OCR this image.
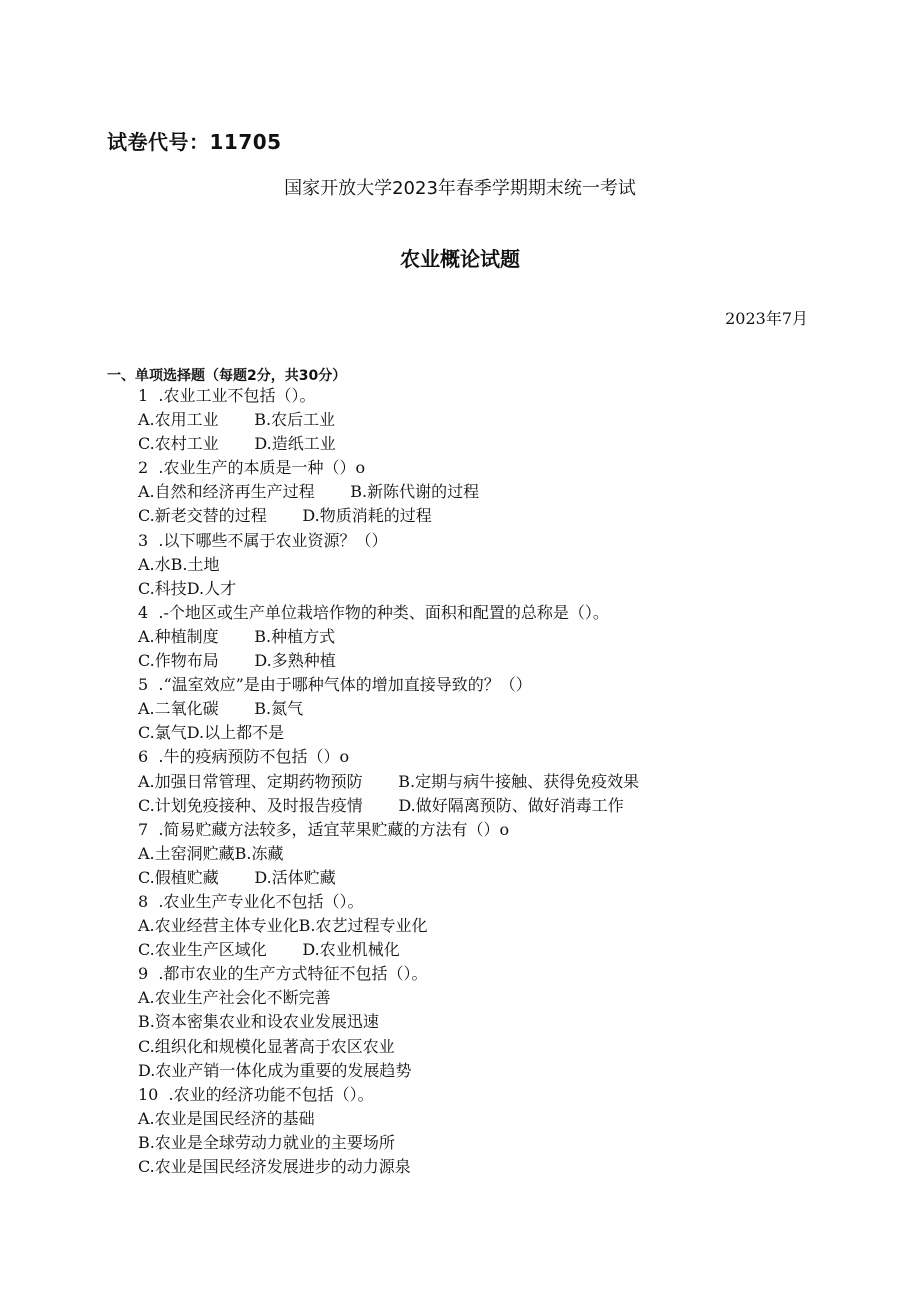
试卷代号：11705
国家开放大学2023年春季学期期末统一考试
农业概论试题
2023年7月
一、单项选择题（每题2分，共30分）
1  .农业工业不包括（）。
A.农用工业       B.农后工业
C.农村工业       D.造纸工业
2  .农业生产的本质是一种（）o
A.自然和经济再生产过程       B.新陈代谢的过程
C.新老交替的过程       D.物质消耗的过程
3  .以下哪些不属于农业资源？（）
A.水B.土地
C.科技D.人才
4  .-个地区或生产单位栽培作物的种类、面积和配置的总称是（）。
A.种植制度       B.种植方式
C.作物布局       D.多熟种植
5  .“温室效应”是由于哪种气体的增加直接导致的？（）
A.二氧化碳       B.氮气
C.氯气D.以上都不是
6  .牛的疫病预防不包括（）o
A.加强日常管理、定期药物预防       B.定期与病牛接触、获得免疫效果
C.计划免疫接种、及时报告疫情       D.做好隔离预防、做好消毒工作
7  .简易贮藏方法较多，适宜苹果贮藏的方法有（）o
A.土窑洞贮藏B.冻藏
C.假植贮藏       D.活体贮藏
8  .农业生产专业化不包括（）。
A.农业经营主体专业化B.农艺过程专业化
C.农业生产区域化       D.农业机械化
9  .都市农业的生产方式特征不包括（）。
A.农业生产社会化不断完善
B.资本密集农业和设农业发展迅速
C.组织化和规模化显著高于农区农业
D.农业产销一体化成为重要的发展趋势
10  .农业的经济功能不包括（）。
A.农业是国民经济的基础
B.农业是全球劳动力就业的主要场所
C.农业是国民经济发展进步的动力源泉
